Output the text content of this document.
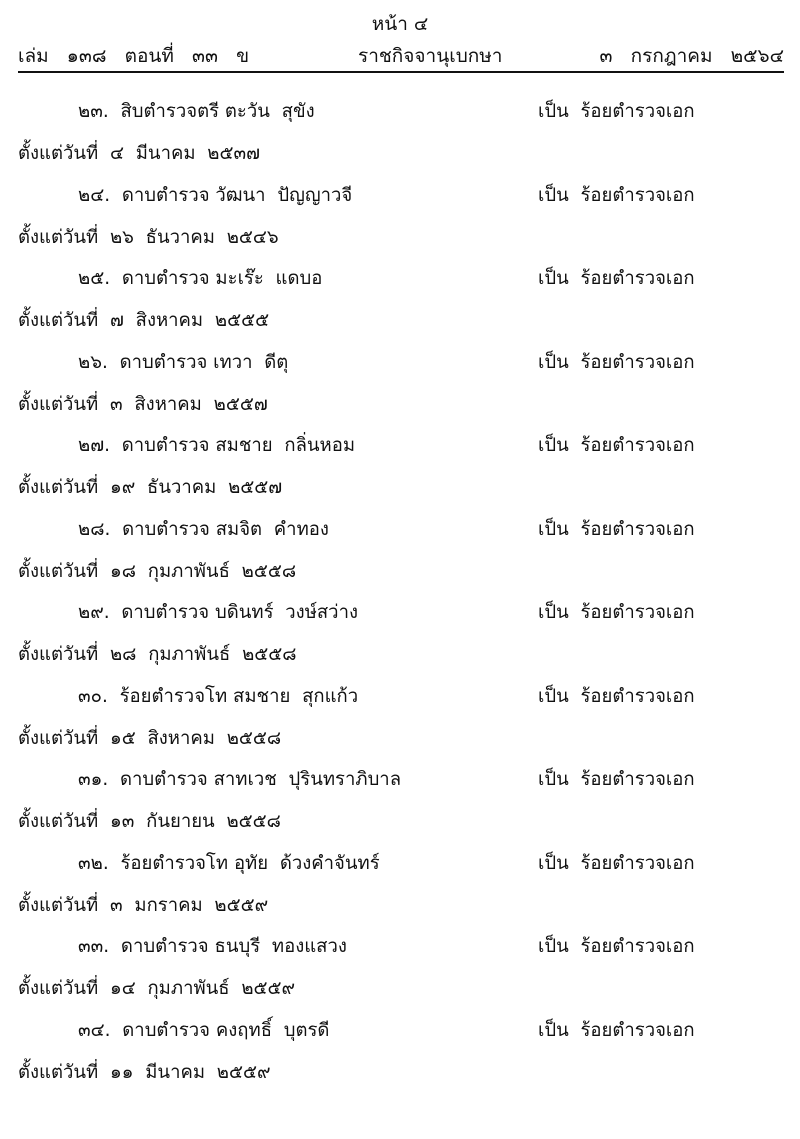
หน้า ๔
เล่ม   ๑๓๘   ตอนที่   ๓๓   ข	ราชกิจจานุเบกษา	๓   กรกฎาคม   ๒๕๖๔
๒๓.  สิบตำรวจตรี ตะวัน  สุขัง	เป็น  ร้อยตำรวจเอก
ตั้งแต่วันที่  ๔  มีนาคม  ๒๕๓๗
๒๔.  ดาบตำรวจ วัฒนา  ปัญญาวจี	เป็น  ร้อยตำรวจเอก
ตั้งแต่วันที่  ๒๖  ธันวาคม  ๒๕๔๖
๒๕.  ดาบตำรวจ มะเร๊ะ  แดบอ	เป็น  ร้อยตำรวจเอก
ตั้งแต่วันที่  ๗  สิงหาคม  ๒๕๕๕
๒๖.  ดาบตำรวจ เทวา  ดีตุ	เป็น  ร้อยตำรวจเอก
ตั้งแต่วันที่  ๓  สิงหาคม  ๒๕๕๗
๒๗.  ดาบตำรวจ สมชาย  กลิ่นหอม	เป็น  ร้อยตำรวจเอก
ตั้งแต่วันที่  ๑๙  ธันวาคม  ๒๕๕๗
๒๘.  ดาบตำรวจ สมจิต  คำทอง	เป็น  ร้อยตำรวจเอก
ตั้งแต่วันที่  ๑๘  กุมภาพันธ์  ๒๕๕๘
๒๙.  ดาบตำรวจ บดินทร์  วงษ์สว่าง	เป็น  ร้อยตำรวจเอก
ตั้งแต่วันที่  ๒๘  กุมภาพันธ์  ๒๕๕๘
๓๐.  ร้อยตำรวจโท สมชาย  สุกแก้ว	เป็น  ร้อยตำรวจเอก
ตั้งแต่วันที่  ๑๕  สิงหาคม  ๒๕๕๘
๓๑.  ดาบตำรวจ สาทเวช  ปุรินทราภิบาล	เป็น  ร้อยตำรวจเอก
ตั้งแต่วันที่  ๑๓  กันยายน  ๒๕๕๘
๓๒.  ร้อยตำรวจโท อุทัย  ด้วงคำจันทร์	เป็น  ร้อยตำรวจเอก
ตั้งแต่วันที่  ๓  มกราคม  ๒๕๕๙
๓๓.  ดาบตำรวจ ธนบุรี  ทองแสวง	เป็น  ร้อยตำรวจเอก
ตั้งแต่วันที่  ๑๔  กุมภาพันธ์  ๒๕๕๙
๓๔.  ดาบตำรวจ คงฤทธิ์  บุตรดี	เป็น  ร้อยตำรวจเอก
ตั้งแต่วันที่  ๑๑  มีนาคม  ๒๕๕๙
